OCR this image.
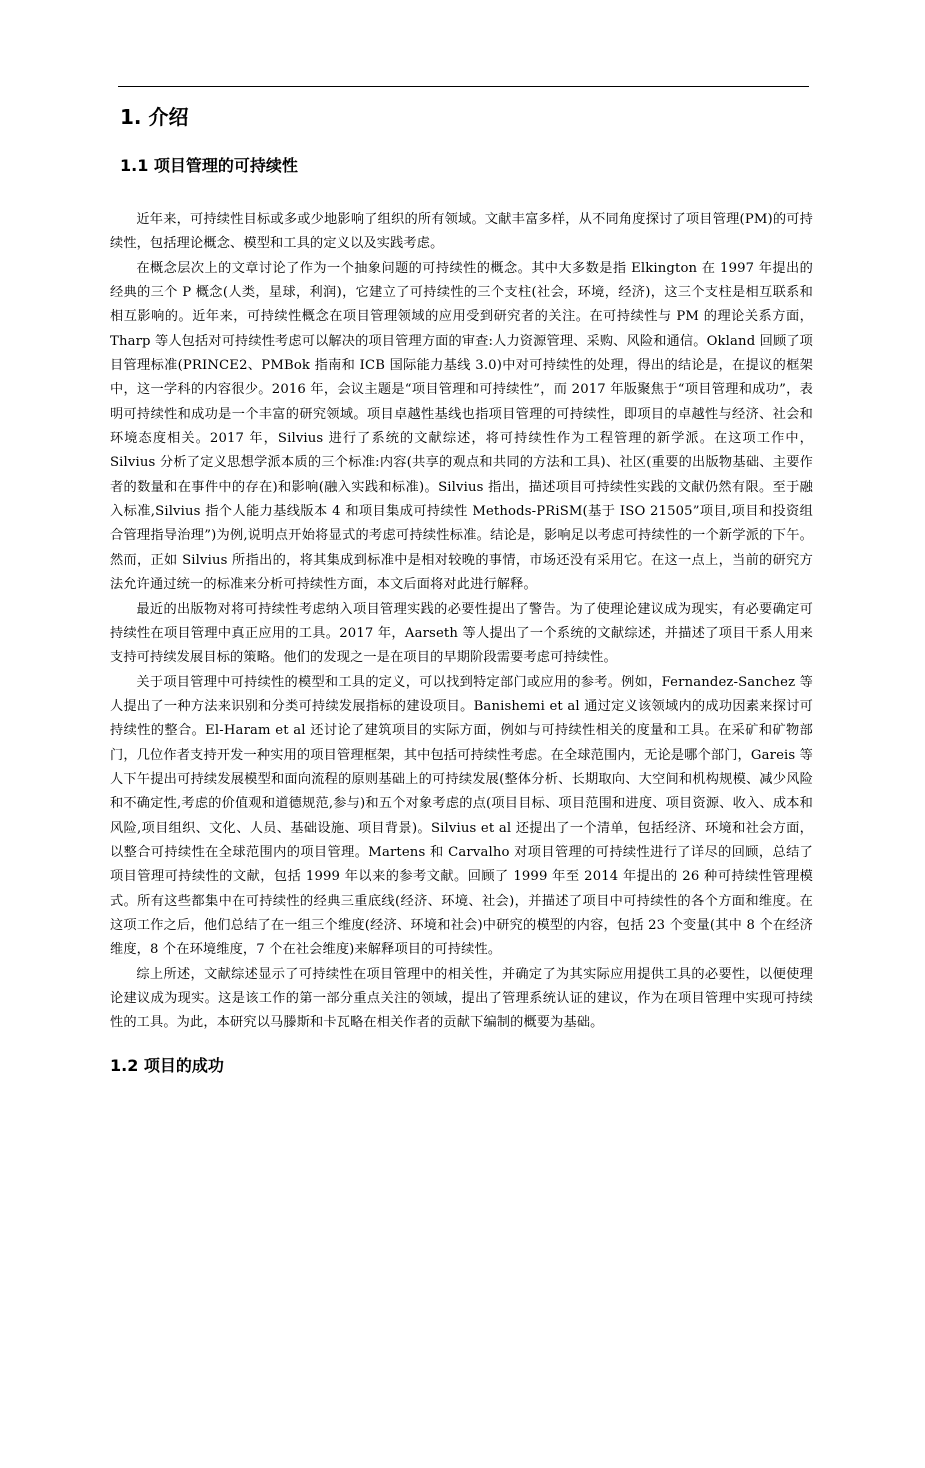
1. 介绍
1.1 项目管理的可持续性

近年来，可持续性目标或多或少地影响了组织的所有领域。文献丰富多样，从不同角度探讨了项目管理(PM)的可持续性，包括理论概念、模型和工具的定义以及实践考虑。

在概念层次上的文章讨论了作为一个抽象问题的可持续性的概念。其中大多数是指 Elkington 在 1997 年提出的经典的三个 P 概念(人类，星球，利润)，它建立了可持续性的三个支柱(社会，环境，经济)，这三个支柱是相互联系和相互影响的。近年来，可持续性概念在项目管理领域的应用受到研究者的关注。在可持续性与 PM 的理论关系方面，Tharp 等人包括对可持续性考虑可以解决的项目管理方面的审查:人力资源管理、采购、风险和通信。Okland 回顾了项目管理标准(PRINCE2、PMBok 指南和 ICB 国际能力基线 3.0)中对可持续性的处理，得出的结论是，在提议的框架中，这一学科的内容很少。2016 年，会议主题是“项目管理和可持续性”，而 2017 年版聚焦于“项目管理和成功”，表明可持续性和成功是一个丰富的研究领域。项目卓越性基线也指项目管理的可持续性，即项目的卓越性与经济、社会和环境态度相关。2017 年，Silvius 进行了系统的文献综述，将可持续性作为工程管理的新学派。在这项工作中，Silvius 分析了定义思想学派本质的三个标准:内容(共享的观点和共同的方法和工具)、社区(重要的出版物基础、主要作者的数量和在事件中的存在)和影响(融入实践和标准)。Silvius 指出，描述项目可持续性实践的文献仍然有限。至于融入标准,Silvius 指个人能力基线版本 4 和项目集成可持续性 Methods-PRiSM(基于 ISO 21505”项目,项目和投资组合管理指导治理”)为例,说明点开始将显式的考虑可持续性标准。结论是，影响足以考虑可持续性的一个新学派的下午。然而，正如 Silvius 所指出的，将其集成到标准中是相对较晚的事情，市场还没有采用它。在这一点上，当前的研究方法允许通过统一的标准来分析可持续性方面，本文后面将对此进行解释。

最近的出版物对将可持续性考虑纳入项目管理实践的必要性提出了警告。为了使理论建议成为现实，有必要确定可持续性在项目管理中真正应用的工具。2017 年，Aarseth 等人提出了一个系统的文献综述，并描述了项目干系人用来支持可持续发展目标的策略。他们的发现之一是在项目的早期阶段需要考虑可持续性。

关于项目管理中可持续性的模型和工具的定义，可以找到特定部门或应用的参考。例如，Fernandez-Sanchez 等人提出了一种方法来识别和分类可持续发展指标的建设项目。Banishemi et al 通过定义该领域内的成功因素来探讨可持续性的整合。El-Haram et al 还讨论了建筑项目的实际方面，例如与可持续性相关的度量和工具。在采矿和矿物部门，几位作者支持开发一种实用的项目管理框架，其中包括可持续性考虑。在全球范围内，无论是哪个部门，Gareis 等人下午提出可持续发展模型和面向流程的原则基础上的可持续发展(整体分析、长期取向、大空间和机构规模、减少风险和不确定性,考虑的价值观和道德规范,参与)和五个对象考虑的点(项目目标、项目范围和进度、项目资源、收入、成本和风险,项目组织、文化、人员、基础设施、项目背景)。Silvius et al 还提出了一个清单，包括经济、环境和社会方面，以整合可持续性在全球范围内的项目管理。Martens 和 Carvalho 对项目管理的可持续性进行了详尽的回顾，总结了项目管理可持续性的文献，包括 1999 年以来的参考文献。回顾了 1999 年至 2014 年提出的 26 种可持续性管理模式。所有这些都集中在可持续性的经典三重底线(经济、环境、社会)，并描述了项目中可持续性的各个方面和维度。在这项工作之后，他们总结了在一组三个维度(经济、环境和社会)中研究的模型的内容，包括 23 个变量(其中 8 个在经济维度，8 个在环境维度，7 个在社会维度)来解释项目的可持续性。

综上所述，文献综述显示了可持续性在项目管理中的相关性，并确定了为其实际应用提供工具的必要性，以便使理论建议成为现实。这是该工作的第一部分重点关注的领域，提出了管理系统认证的建议，作为在项目管理中实现可持续性的工具。为此，本研究以马滕斯和卡瓦略在相关作者的贡献下编制的概要为基础。

1.2 项目的成功
